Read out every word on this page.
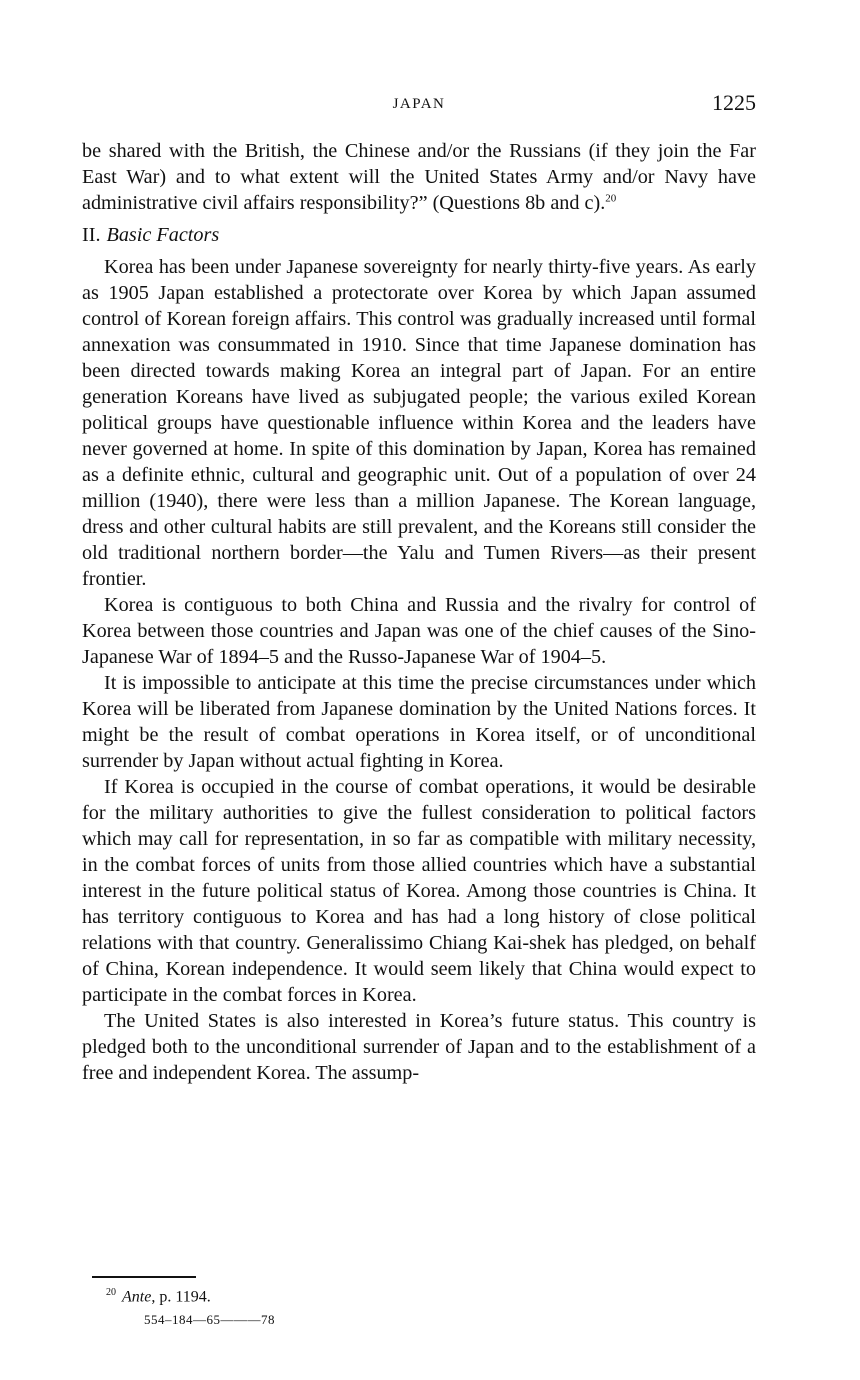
JAPAN	1225

be shared with the British, the Chinese and/or the Russians (if they join the Far East War) and to what extent will the United States Army and/or Navy have administrative civil affairs responsibility?” (Questions 8b and c).$^{20}$

II. Basic Factors

Korea has been under Japanese sovereignty for nearly thirty-five years. As early as 1905 Japan established a protectorate over Korea by which Japan assumed control of Korean foreign affairs. This control was gradually increased until formal annexation was consummated in 1910. Since that time Japanese domination has been directed towards making Korea an integral part of Japan. For an entire generation Koreans have lived as subjugated people; the various exiled Korean political groups have questionable influence within Korea and the leaders have never governed at home. In spite of this domination by Japan, Korea has remained as a definite ethnic, cultural and geographic unit. Out of a population of over 24 million (1940), there were less than a million Japanese. The Korean language, dress and other cultural habits are still prevalent, and the Koreans still consider the old traditional northern border—the Yalu and Tumen Rivers—as their present frontier.

Korea is contiguous to both China and Russia and the rivalry for control of Korea between those countries and Japan was one of the chief causes of the Sino-Japanese War of 1894–5 and the Russo-Japanese War of 1904–5.

It is impossible to anticipate at this time the precise circumstances under which Korea will be liberated from Japanese domination by the United Nations forces. It might be the result of combat operations in Korea itself, or of unconditional surrender by Japan without actual fighting in Korea.

If Korea is occupied in the course of combat operations, it would be desirable for the military authorities to give the fullest consideration to political factors which may call for representation, in so far as compatible with military necessity, in the combat forces of units from those allied countries which have a substantial interest in the future political status of Korea. Among those countries is China. It has territory contiguous to Korea and has had a long history of close political relations with that country. Generalissimo Chiang Kai-shek has pledged, on behalf of China, Korean independence. It would seem likely that China would expect to participate in the combat forces in Korea.

The United States is also interested in Korea’s future status. This country is pledged both to the unconditional surrender of Japan and to the establishment of a free and independent Korea. The assump-

$^{20}$ Ante, p. 1194.
554–184—65———78
